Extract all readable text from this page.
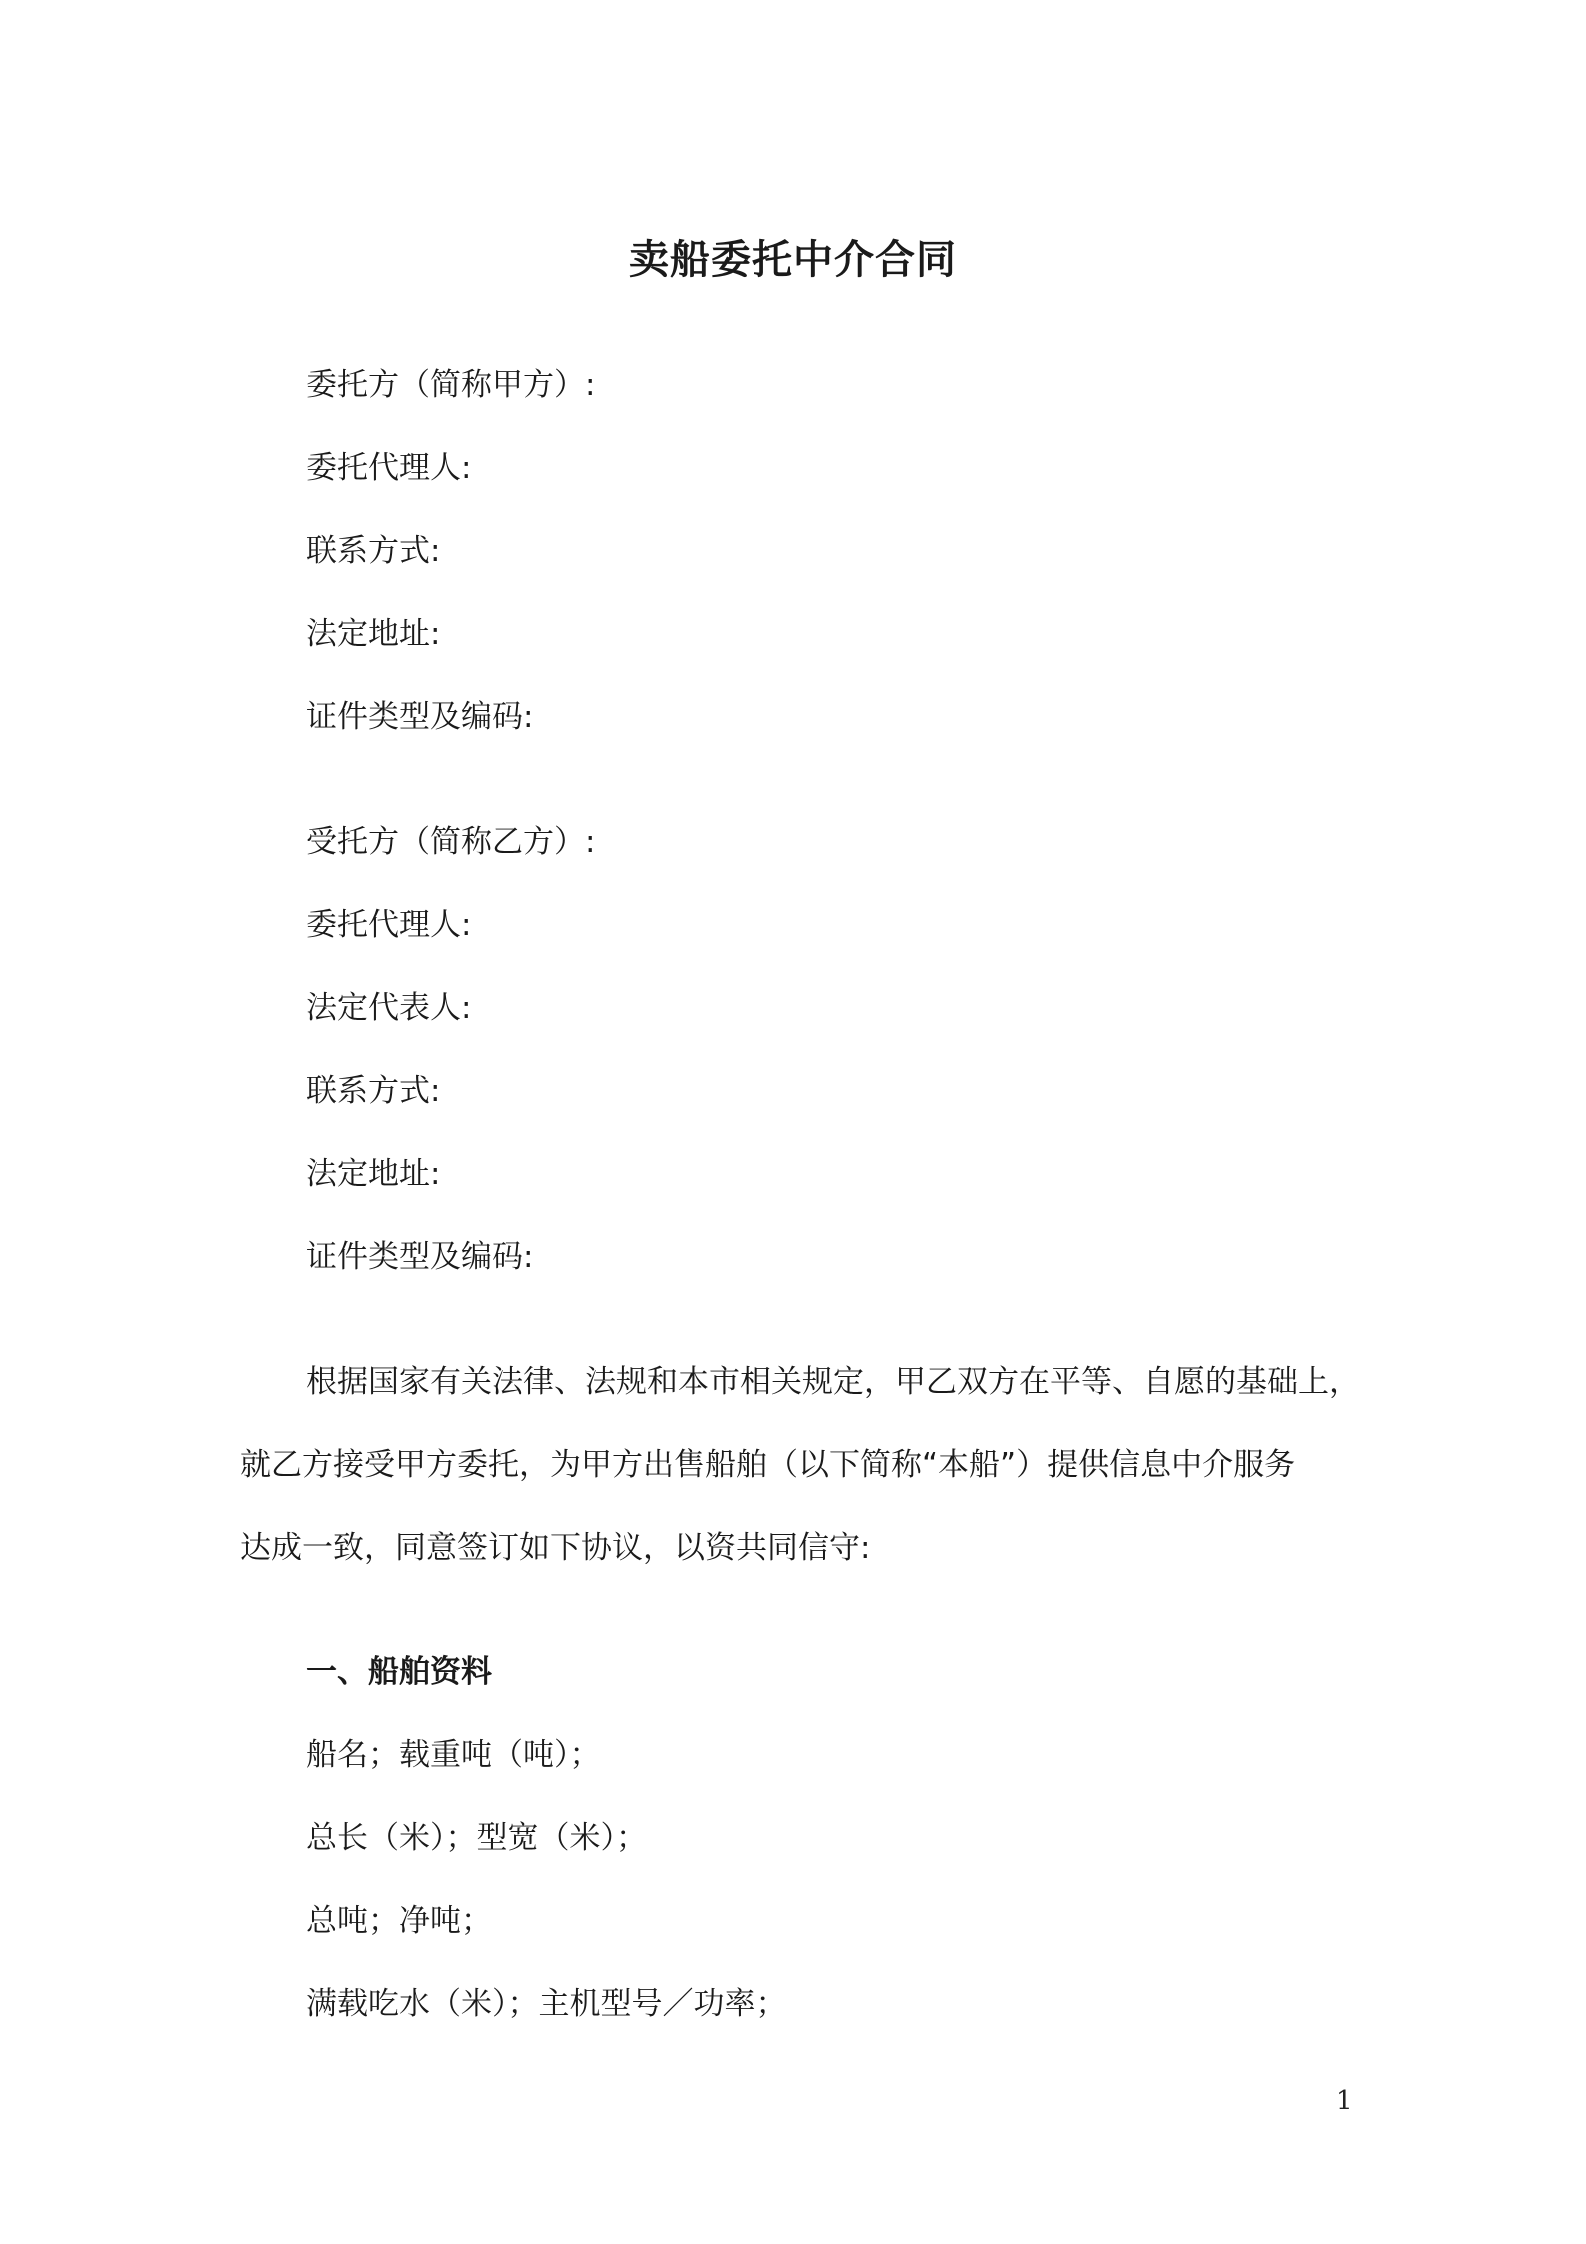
卖船委托中介合同
委托方（简称甲方）:
委托代理人:
联系方式:
法定地址:
证件类型及编码:
受托方（简称乙方）:
委托代理人:
法定代表人:
联系方式:
法定地址:
证件类型及编码:
根据国家有关法律、法规和本市相关规定，甲乙双方在平等、自愿的基础上，
就乙方接受甲方委托，为甲方出售船舶（以下简称“本船”）提供信息中介服务
达成一致，同意签订如下协议，以资共同信守:
一、船舶资料
船名；载重吨（吨）；
总长（米）；型宽（米）；
总吨；净吨；
满载吃水（米）；主机型号／功率；
1
